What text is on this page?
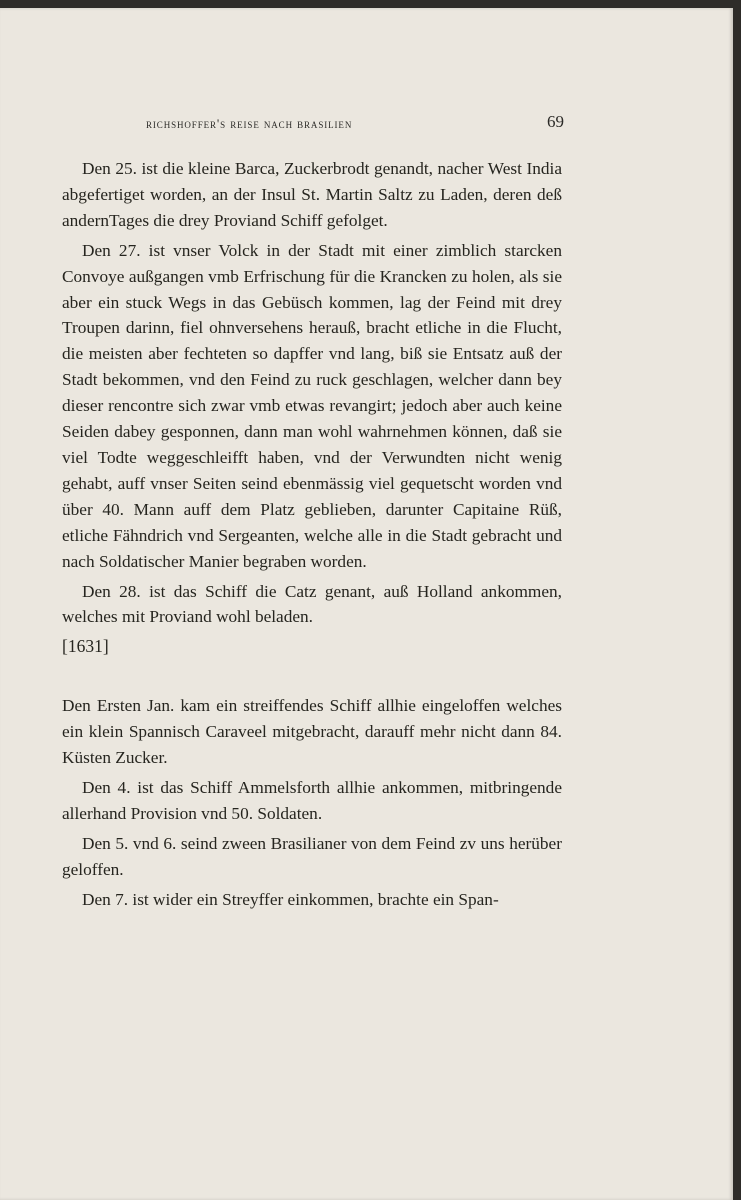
richshoffer's reise nach brasilien	69

Den 25. ist die kleine Barca, Zuckerbrodt genandt, nacher West India abgefertiget worden, an der Insul St. Martin Saltz zu Laden, deren deß andernTages die drey Proviand Schiff gefolget.

Den 27. ist vnser Volck in der Stadt mit einer zimblich starcken Convoye außgangen vmb Erfrischung für die Krancken zu holen, als sie aber ein stuck Wegs in das Gebüsch kommen, lag der Feind mit drey Troupen darinn, fiel ohnversehens herauß, bracht etliche in die Flucht, die meisten aber fechteten so dapffer vnd lang, biß sie Entsatz auß der Stadt bekommen, vnd den Feind zu ruck geschlagen, welcher dann bey dieser rencontre sich zwar vmb etwas revangirt; jedoch aber auch keine Seiden dabey gesponnen, dann man wohl wahrnehmen können, daß sie viel Todte weggeschleifft haben, vnd der Verwundten nicht wenig gehabt, auff vnser Seiten seind ebenmässig viel gequetscht worden vnd über 40. Mann auff dem Platz geblieben, darunter Capitaine Rüß, etliche Fähndrich vnd Sergeanten, welche alle in die Stadt gebracht und nach Soldatischer Manier begraben worden.

Den 28. ist das Schiff die Catz genant, auß Holland ankommen, welches mit Proviand wohl beladen.

[1631]

Den Ersten Jan. kam ein streiffendes Schiff allhie eingeloffen welches ein klein Spannisch Caraveel mitgebracht, darauff mehr nicht dann 84. Küsten Zucker.

Den 4. ist das Schiff Ammelsforth allhie ankommen, mitbringende allerhand Provision vnd 50. Soldaten.

Den 5. vnd 6. seind zween Brasilianer von dem Feind zv uns herüber geloffen.

Den 7. ist wider ein Streyffer einkommen, brachte ein Span-
